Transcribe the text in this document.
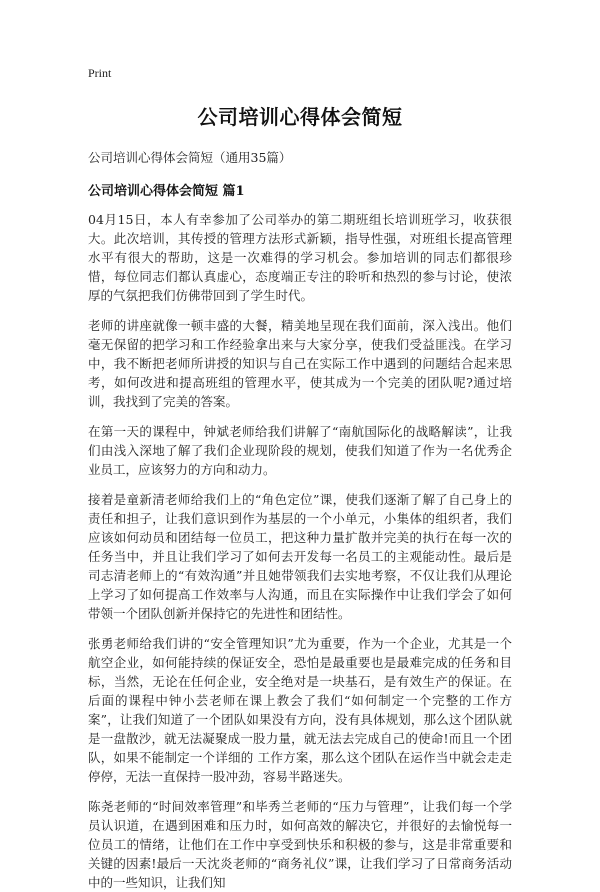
Print
公司培训心得体会简短
公司培训心得体会简短（通用35篇）
公司培训心得体会简短 篇1

04月15日，本人有幸参加了公司举办的第二期班组长培训班学习，收获很大。此次培训，其传授的管理方法形式新颖，指导性强，对班组长提高管理水平有很大的帮助，这是一次难得的学习机会。参加培训的同志们都很珍惜，每位同志们都认真虚心，态度端正专注的聆听和热烈的参与讨论，使浓厚的气氛把我们仿佛带回到了学生时代。

老师的讲座就像一顿丰盛的大餐，精美地呈现在我们面前，深入浅出。他们毫无保留的把学习和工作经验拿出来与大家分享，使我们受益匪浅。在学习中，我不断把老师所讲授的知识与自己在实际工作中遇到的问题结合起来思考，如何改进和提高班组的管理水平，使其成为一个完美的团队呢?通过培训，我找到了完美的答案。

在第一天的课程中，钟斌老师给我们讲解了“南航国际化的战略解读”，让我们由浅入深地了解了我们企业现阶段的规划，使我们知道了作为一名优秀企业员工，应该努力的方向和动力。

接着是童新清老师给我们上的“角色定位”课，使我们逐渐了解了自己身上的责任和担子，让我们意识到作为基层的一个小单元，小集体的组织者，我们应该如何动员和团结每一位员工，把这种力量扩散并完美的执行在每一次的任务当中，并且让我们学习了如何去开发每一名员工的主观能动性。最后是司志清老师上的“有效沟通”并且她带领我们去实地考察，不仅让我们从理论上学习了如何提高工作效率与人沟通，而且在实际操作中让我们学会了如何带领一个团队创新并保持它的先进性和团结性。

张勇老师给我们讲的“安全管理知识”尤为重要，作为一个企业，尤其是一个航空企业，如何能持续的保证安全，恐怕是最重要也是最难完成的任务和目标，当然，无论在任何企业，安全绝对是一块基石，是有效生产的保证。在后面的课程中钟小芸老师在课上教会了我们“如何制定一个完整的工作方案”，让我们知道了一个团队如果没有方向，没有具体规划，那么这个团队就是一盘散沙，就无法凝聚成一股力量，就无法去完成自己的使命!而且一个团队，如果不能制定一个详细的 工作方案，那么这个团队在运作当中就会走走停停，无法一直保持一股冲劲，容易半路迷失。

陈尧老师的“时间效率管理”和毕秀兰老师的“压力与管理”，让我们每一个学员认识道，在遇到困难和压力时，如何高效的解决它，并很好的去愉悦每一位员工的情绪，让他们在工作中享受到快乐和积极的参与，这是非常重要和关键的因素!最后一天沈炎老师的“商务礼仪”课，让我们学习了日常商务活动中的一些知识，让我们知
